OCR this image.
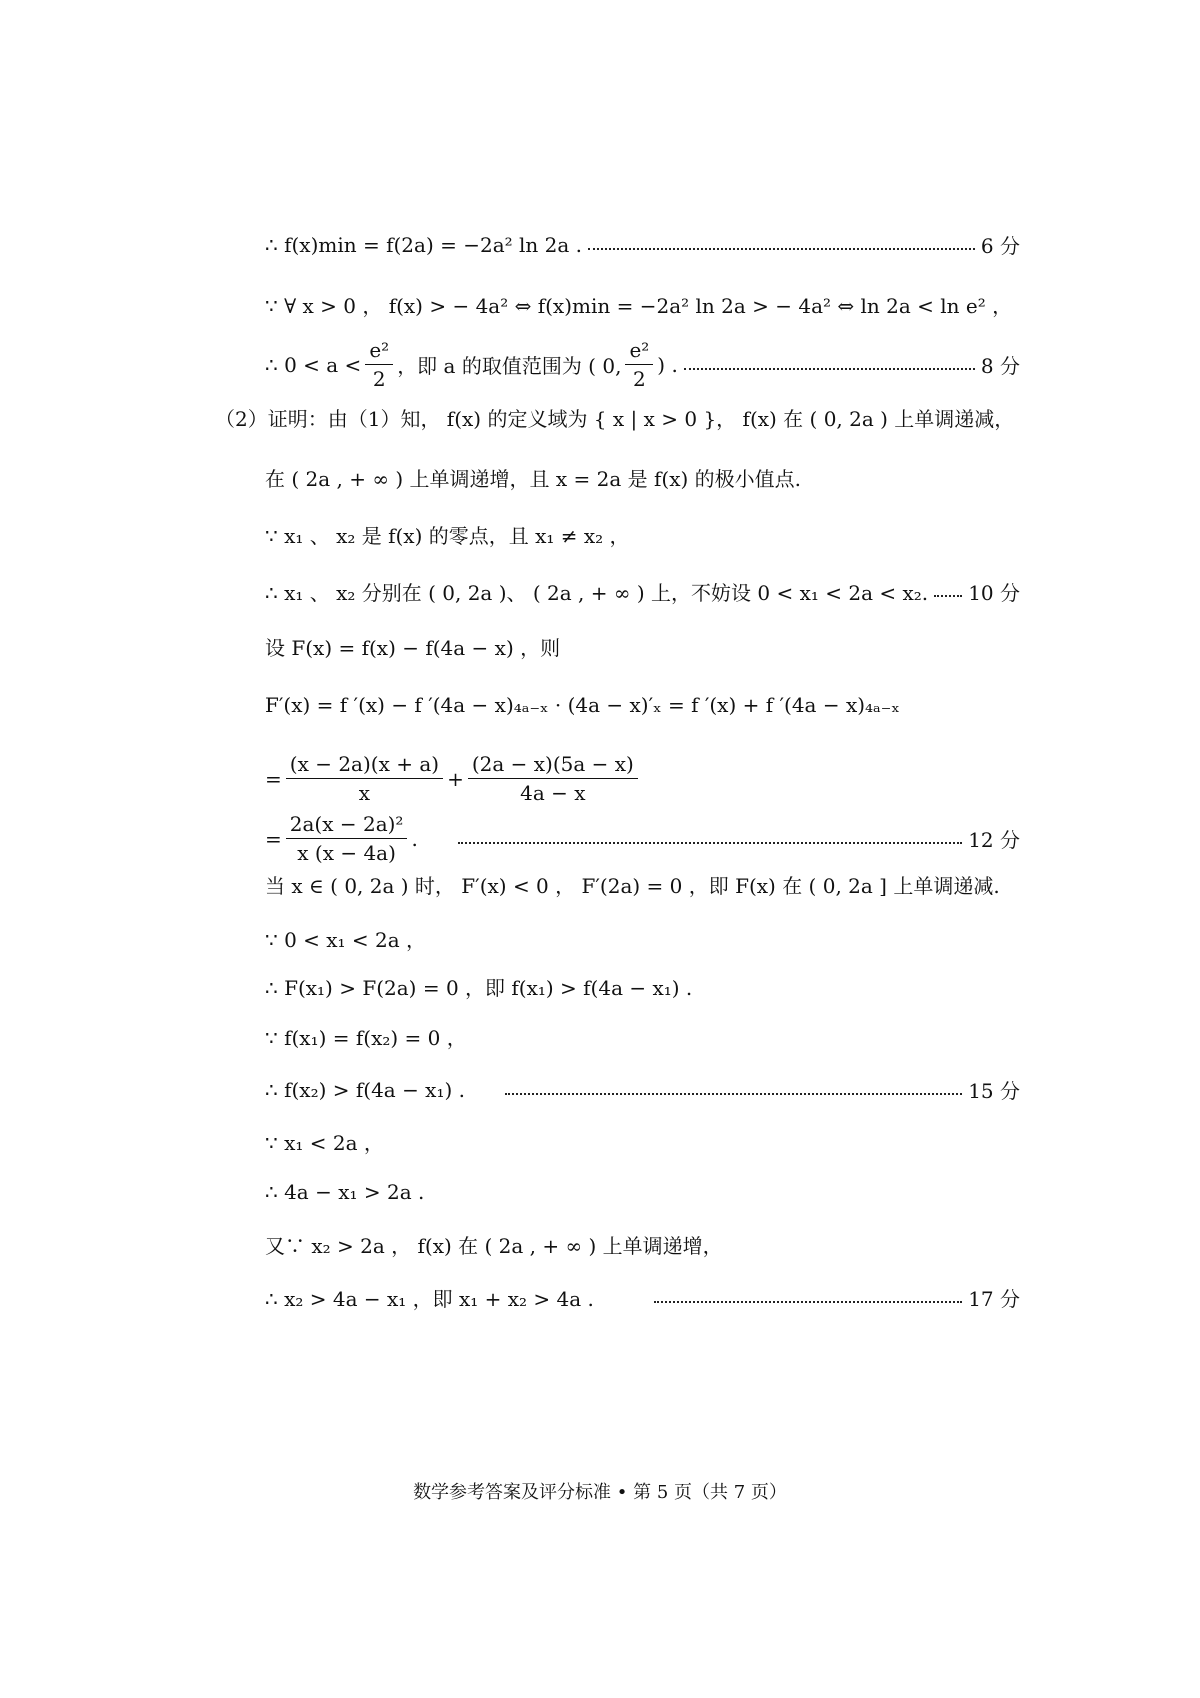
∴ f(x)min = f(2a) = −2a² ln 2a .	6 分
∵ ∀ x > 0 ， f(x) > − 4a² ⇔ f(x)min = −2a² ln 2a > − 4a² ⇔ ln 2a < ln e² ，
∴ $0 < a < \frac{\text{e²}}{2}$ ，即 a 的取值范围为 ( 0, $\frac{\text{e²}}{2}$ ) .	8 分
（2）证明：由（1）知， f(x) 的定义域为 { x | x > 0 }， f(x) 在 ( 0, 2a ) 上单调递减，
在 ( 2a , + ∞ ) 上单调递增，且 x = 2a 是 f(x) 的极小值点.
∵ x₁ 、 x₂ 是 f(x) 的零点，且 x₁ ≠ x₂ ，
∴ x₁ 、 x₂ 分别在 ( 0, 2a )、 ( 2a , + ∞ ) 上，不妨设 0 < x₁ < 2a < x₂. 10 分
设 F(x) = f(x) − f(4a − x) ，则
F′(x) = f ′(x) − f ′(4a − x)₄ₐ₋ₓ · (4a − x)′ₓ = f ′(x) + f ′(4a − x)₄ₐ₋ₓ
= $\frac{(x - 2a)(x + a)}{x} + \frac{(2a - x)(5a - x)}{4a - x}$
= $\frac{\text{2a(x − 2a)²}}{x (x - 4a)}$ .	12 分
当 x ∈ ( 0, 2a ) 时， F′(x) < 0 ， F′(2a) = 0 ，即 F(x) 在 ( 0, 2a ] 上单调递减.
∵ 0 < x₁ < 2a ，
∴ F(x₁) > F(2a) = 0 ，即 f(x₁) > f(4a − x₁) .
∵ f(x₁) = f(x₂) = 0 ，
∴ f(x₂) > f(4a − x₁) .	15 分
∵ x₁ < 2a ，
∴ 4a − x₁ > 2a .
又∵ x₂ > 2a ， f(x) 在 ( 2a , + ∞ ) 上单调递增，
∴ x₂ > 4a − x₁ ，即 x₁ + x₂ > 4a .	17 分
数学参考答案及评分标准 • 第 5 页（共 7 页）
